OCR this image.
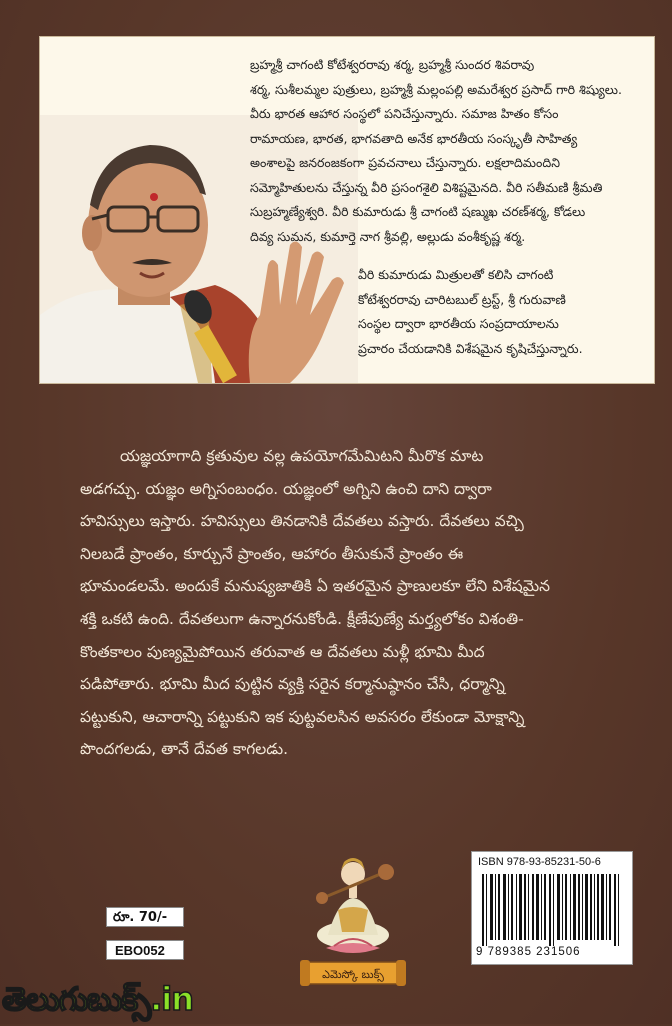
బ్రహ్మశ్రీ చాగంటి కోటేశ్వరరావు శర్మ, బ్రహ్మశ్రీ సుందర శివరావు
శర్మ, సుశీలమ్మల పుత్రులు, బ్రహ్మశ్రీ మల్లంపల్లి అమరేశ్వర ప్రసాద్ గారి శిష్యులు.
వీరు భారత ఆహార సంస్థలో పనిచేస్తున్నారు. సమాజ హితం కోసం
రామాయణ, భారత, భాగవతాది అనేక భారతీయ సంస్కృతీ సాహిత్య
అంశాలపై జనరంజకంగా ప్రవచనాలు చేస్తున్నారు. లక్షలాదిమందిని
సమ్మోహితులను చేస్తున్న వీరి ప్రసంగశైలి విశిష్టమైనది. వీరి సతీమణి శ్రీమతి
సుబ్రహ్మణ్యేశ్వరి. వీరి కుమారుడు శ్రీ చాగంటి షణ్ముఖ చరణ్‌శర్మ, కోడలు
దివ్య సుమన, కుమార్తె నాగ శ్రీవల్లి, అల్లుడు వంశీకృష్ణ శర్మ.
వీరి కుమారుడు మిత్రులతో కలిసి చాగంటి
కోటేశ్వరరావు చారిటబుల్ ట్రస్ట్, శ్రీ గురువాణి
సంస్థల ద్వారా భారతీయ సంప్రదాయాలను
ప్రచారం చేయడానికి విశేషమైన కృషిచేస్తున్నారు.
యజ్ఞయాగాది క్రతువుల వల్ల ఉపయోగమేమిటని మీరొక మాట
అడగచ్చు. యజ్ఞం అగ్నిసంబంధం. యజ్ఞంలో అగ్నిని ఉంచి దాని ద్వారా
హవిస్సులు ఇస్తారు. హవిస్సులు తినడానికి దేవతలు వస్తారు. దేవతలు వచ్చి
నిలబడే ప్రాంతం, కూర్చునే ప్రాంతం, ఆహారం తీసుకునే ప్రాంతం ఈ
భూమండలమే. అందుకే మనుష్యజాతికి ఏ ఇతరమైన ప్రాణులకూ లేని విశేషమైన
శక్తి ఒకటి ఉంది. దేవతలుగా ఉన్నారనుకోండి. క్షీణేపుణ్యే మర్త్యలోకం విశంతి-
కొంతకాలం పుణ్యమైపోయిన తరువాత ఆ దేవతలు మళ్లీ భూమి మీద
పడిపోతారు. భూమి మీద పుట్టిన వ్యక్తి సరైన కర్మానుష్ఠానం చేసి, ధర్మాన్ని
పట్టుకుని, ఆచారాన్ని పట్టుకుని ఇక పుట్టవలసిన అవసరం లేకుండా మోక్షాన్ని
పొందగలడు, తానే దేవత కాగలడు.
ఎమెస్కో బుక్స్
రూ. 70/-
EBO052
ISBN 978-93-85231-50-6
9 789385 231506
తెలుగుబుక్స్.in
